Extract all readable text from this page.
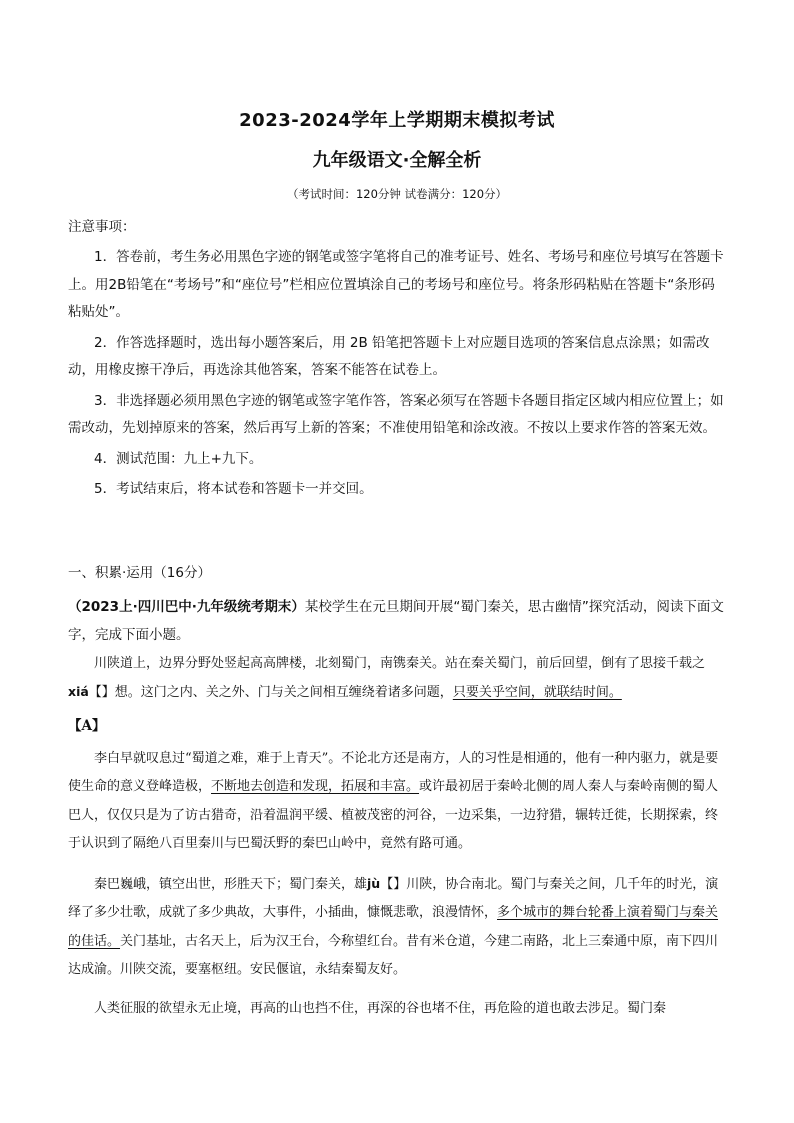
2023-2024学年上学期期末模拟考试
九年级语文·全解全析
（考试时间：120分钟 试卷满分：120分）
注意事项：

1．答卷前，考生务必用黑色字迹的钢笔或签字笔将自己的准考证号、姓名、考场号和座位号填写在答题卡上。用2B铅笔在“考场号”和“座位号”栏相应位置填涂自己的考场号和座位号。将条形码粘贴在答题卡“条形码粘贴处”。

2．作答选择题时，选出每小题答案后，用 2B 铅笔把答题卡上对应题目选项的答案信息点涂黑；如需改动，用橡皮擦干净后，再选涂其他答案，答案不能答在试卷上。

3．非选择题必须用黑色字迹的钢笔或签字笔作答，答案必须写在答题卡各题目指定区域内相应位置上；如需改动，先划掉原来的答案，然后再写上新的答案；不准使用铅笔和涂改液。不按以上要求作答的答案无效。

4．测试范围：九上+九下。

5．考试结束后，将本试卷和答题卡一并交回。

一、积累·运用（16分）
（2023上·四川巴中·九年级统考期末）某校学生在元旦期间开展“蜀门秦关，思古幽情”探究活动，阅读下面文字，完成下面小题。
川陕道上，边界分野处竖起高高牌楼，北刻蜀门，南镌秦关。站在秦关蜀门，前后回望，倒有了思接千载之xiá【】想。这门之内、关之外、门与关之间相互缠绕着诸多问题，只要关乎空间，就联结时间。
【A】
李白早就叹息过“蜀道之难，难于上青天”。不论北方还是南方，人的习性是相通的，他有一种内驱力，就是要使生命的意义登峰造极，不断地去创造和发现，拓展和丰富。或许最初居于秦岭北侧的周人秦人与秦岭南侧的蜀人巴人，仅仅只是为了访古猎奇，沿着温润平缓、植被茂密的河谷，一边采集，一边狩猎，辗转迁徙，长期探索，终于认识到了隔绝八百里秦川与巴蜀沃野的秦巴山岭中，竟然有路可通。
秦巴巍峨，镇空出世，形胜天下；蜀门秦关，雄jù【】川陕，协合南北。蜀门与秦关之间，几千年的时光，演绎了多少壮歌，成就了多少典故，大事件，小插曲，慷慨悲歌，浪漫情怀，多个城市的舞台轮番上演着蜀门与秦关的佳话。关门基址，古名天上，后为汉王台，今称望红台。昔有米仓道，今建二南路，北上三秦通中原，南下四川达成渝。川陕交流，要塞枢纽。安民偃谊，永结秦蜀友好。
人类征服的欲望永无止境，再高的山也挡不住，再深的谷也堵不住，再危险的道也敢去涉足。蜀门秦
